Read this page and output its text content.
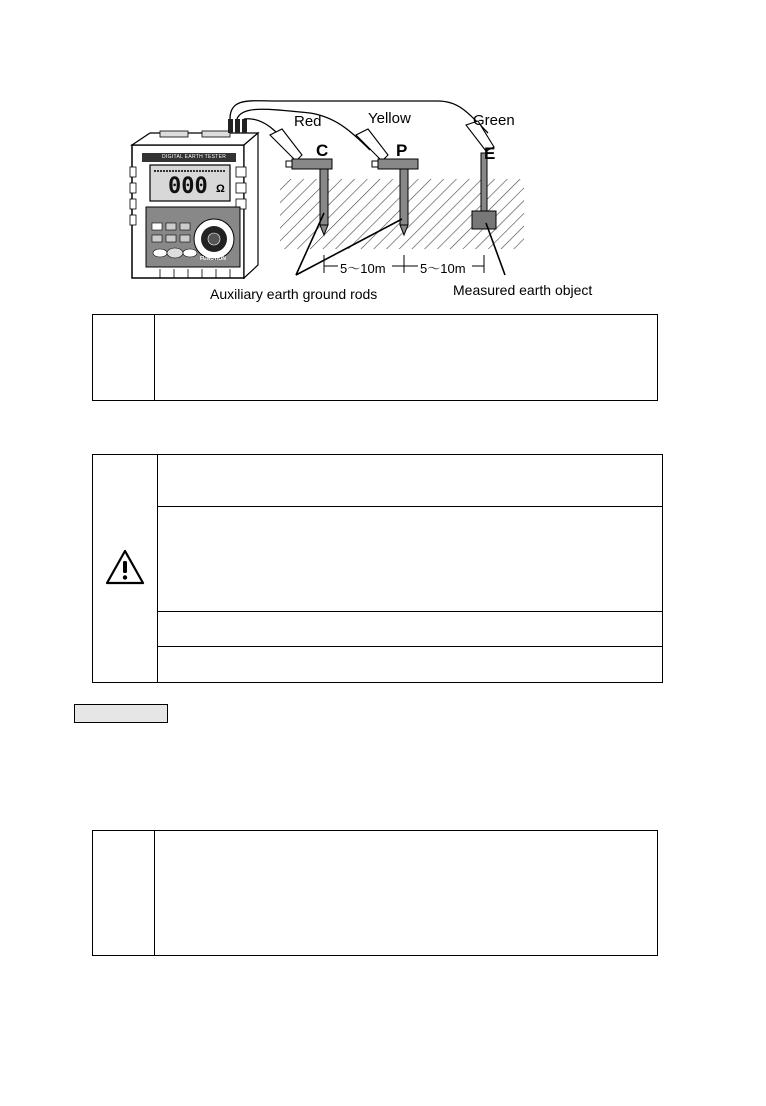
Red	Yellow	Green
C	P	E
5～10m	5～10m
Auxiliary earth ground rods	Measured earth object
DIGITAL EARTH TESTER
000 Ω
FUNCTION
